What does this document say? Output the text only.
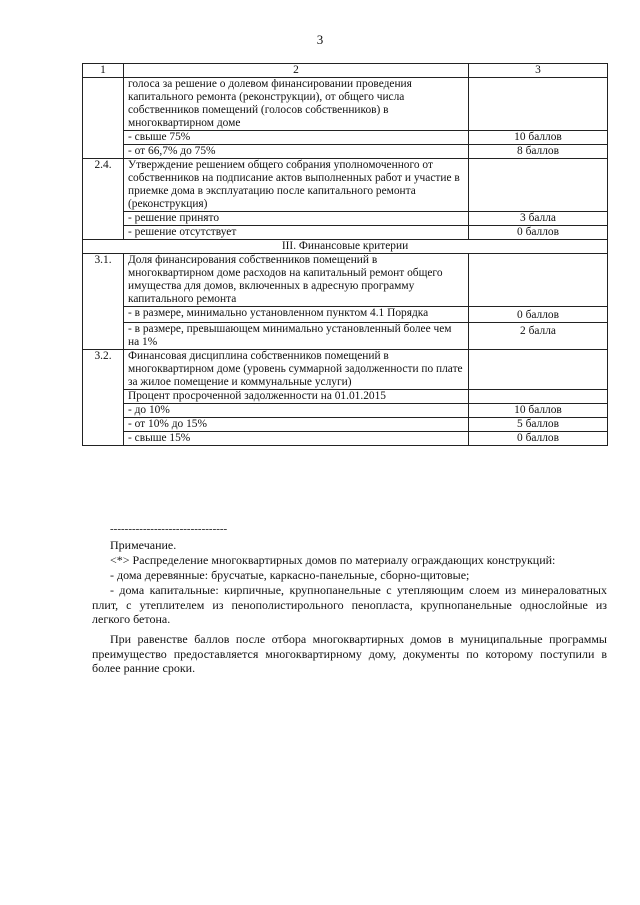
3
1	2	3
	голоса за решение о долевом финансировании проведения капитального ремонта (реконструкции), от общего числа собственников помещений (голосов собственников) в многоквартирном доме	
	- свыше 75%	10 баллов
	- от 66,7% до 75%	8 баллов
2.4.	Утверждение решением общего собрания уполномоченного от собственников на подписание актов выполненных работ и участие в приемке дома в эксплуатацию после капитального ремонта (реконструкция)	
	- решение принято	3 балла
	- решение отсутствует	0 баллов
III. Финансовые критерии		
3.1.	Доля финансирования собственников помещений в многоквартирном доме расходов на капитальный ремонт общего имущества для домов, включенных в адресную программу капитального ремонта	
	- в размере, минимально установленном пунктом 4.1 Порядка	0 баллов
	- в размере, превышающем минимально установленный более чем на 1%	2 балла
3.2.	Финансовая дисциплина собственников помещений в многоквартирном доме (уровень суммарной задолженности по плате за жилое помещение и коммунальные услуги)	
	Процент просроченной задолженности на 01.01.2015	
	- до 10%	10 баллов
	- от 10% до 15%	5 баллов
	- свыше 15%	0 баллов
--------------------------------
Примечание.
<*> Распределение многоквартирных домов по материалу ограждающих конструкций:
- дома деревянные: брусчатые, каркасно-панельные, сборно-щитовые;
- дома капитальные: кирпичные, крупнопанельные с утепляющим слоем из минераловатных плит, с утеплителем из пенополистирольного пенопласта, крупнопанельные однослойные из легкого бетона.
При равенстве баллов после отбора многоквартирных домов в муниципальные программы преимущество предоставляется многоквартирному дому, документы по которому поступили в более ранние сроки.
